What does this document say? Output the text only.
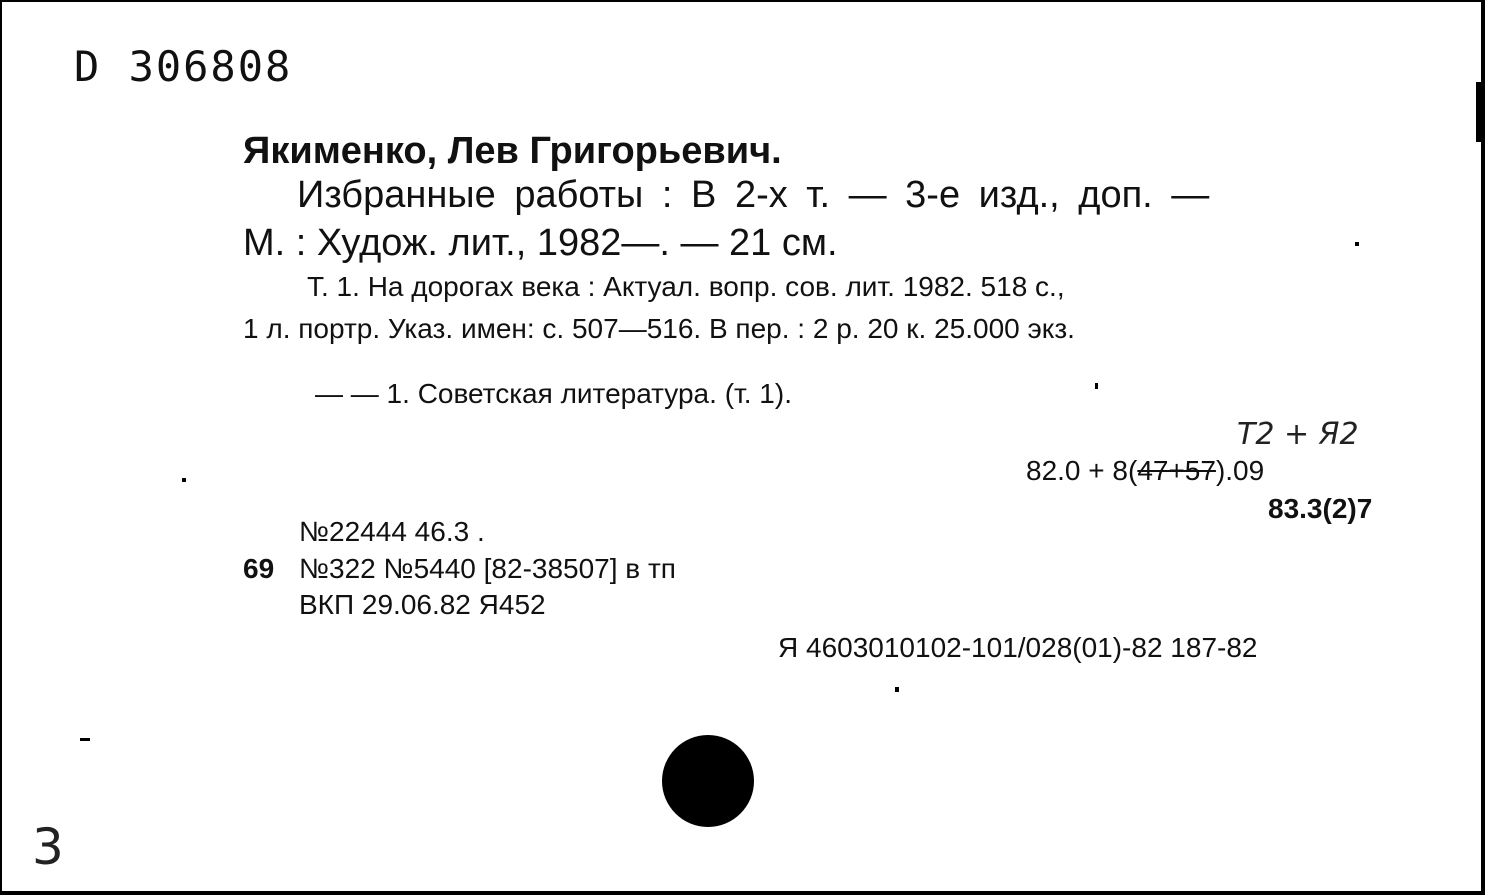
D 306808
Якименко, Лев Григорьевич.
Избранные работы : В 2-х т. — 3-е изд., доп. —
М. : Худож. лит., 1982—. — 21 см.
Т. 1. На дорогах века : Актуал. вопр. сов. лит. 1982. 518 с.,
1 л. портр. Указ. имен: с. 507—516. В пер. : 2 р. 20 к. 25.000 экз.
— — 1. Советская литература. (т. 1).
Т2 + Я2
82.0 + 8(47+57).09
83.3(2)7
№22444 46.3 .
69 №322 №5440 [82-38507] в тп
ВКП 29.06.82 Я452
Я 4603010102-101/028(01)-82 187-82
3
